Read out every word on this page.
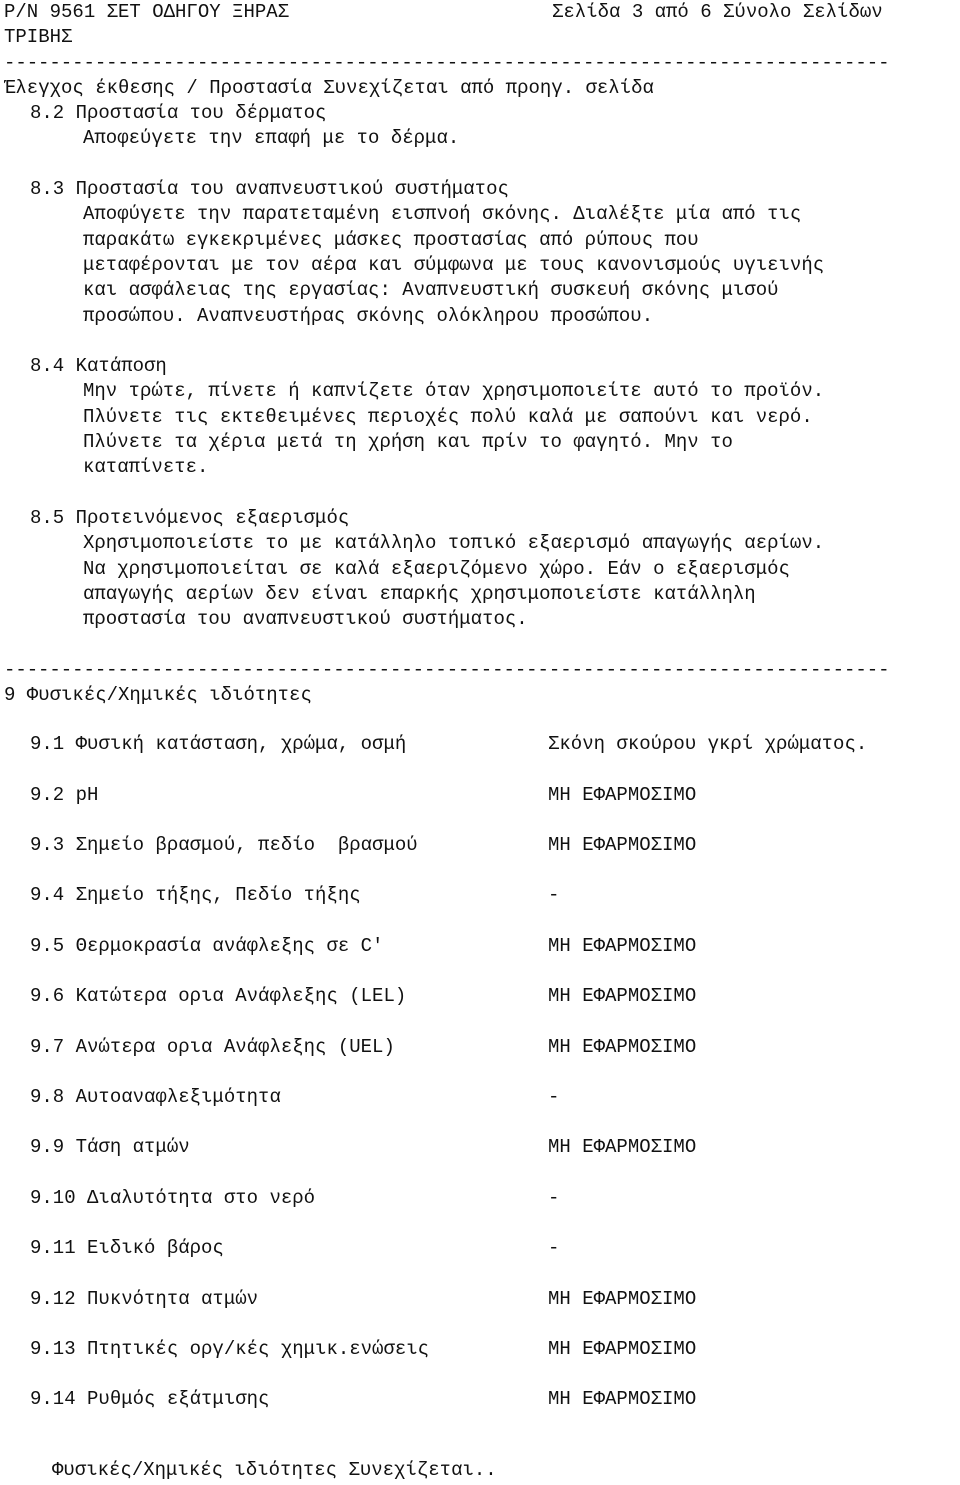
P/N 9561 ΣΕΤ ΟΔΗΓΟΥ ΞΗΡΑΣ
ΤΡΙΒΗΣ
Σελίδα 3 από 6 Σύνολο Σελίδων
------------------------------------------------------------------------------
Έλεγχος έκθεσης / Προστασία Συνεχίζεται από προηγ. σελίδα
8.2 Προστασία του δέρματος
Αποφεύγετε την επαφή με το δέρμα.
8.3 Προστασία του αναπνευστικού συστήματος
Αποφύγετε την παρατεταμένη εισπνοή σκόνης. Διαλέξτε μία από τις
παρακάτω εγκεκριμένες μάσκες προστασίας από ρύπους που
μεταφέρονται με τον αέρα και σύμφωνα με τους κανονισμούς υγιεινής
και ασφάλειας της εργασίας: Αναπνευστική συσκευή σκόνης μισού
προσώπου. Αναπνευστήρας σκόνης ολόκληρου προσώπου.
8.4 Κατάποση
Μην τρώτε, πίνετε ή καπνίζετε όταν χρησιμοποιείτε αυτό το προϊόν.
Πλύνετε τις εκτεθειμένες περιοχές πολύ καλά με σαπούνι και νερό.
Πλύνετε τα χέρια μετά τη χρήση και πρίν το φαγητό. Μην το
καταπίνετε.
8.5 Προτεινόμενος εξαερισμός
Χρησιμοποιείστε το με κατάλληλο τοπικό εξαερισμό απαγωγής αερίων.
Να χρησιμοποιείται σε καλά εξαεριζόμενο χώρο. Εάν ο εξαερισμός
απαγωγής αερίων δεν είναι επαρκής χρησιμοποιείστε κατάλληλη
προστασία του αναπνευστικού συστήματος.
------------------------------------------------------------------------------
9 Φυσικές/Χημικές ιδιότητες
9.1 Φυσική κατάσταση, χρώμα, οσμή	Σκόνη σκούρου γκρί χρώματος.
9.2 pH	ΜΗ ΕΦΑΡΜΟΣΙΜΟ
9.3 Σημείο βρασμού, πεδίο  βρασμού	ΜΗ ΕΦΑΡΜΟΣΙΜΟ
9.4 Σημείο τήξης, Πεδίο τήξης	-
9.5 Θερμοκρασία ανάφλεξης σε C'	ΜΗ ΕΦΑΡΜΟΣΙΜΟ
9.6 Κατώτερα ορια Ανάφλεξης (LEL)	ΜΗ ΕΦΑΡΜΟΣΙΜΟ
9.7 Ανώτερα ορια Ανάφλεξης (UEL)	ΜΗ ΕΦΑΡΜΟΣΙΜΟ
9.8 Αυτοαναφλεξιμότητα	-
9.9 Τάση ατμών	ΜΗ ΕΦΑΡΜΟΣΙΜΟ
9.10 Διαλυτότητα στο νερό	-
9.11 Ειδικό βάρος	-
9.12 Πυκνότητα ατμών	ΜΗ ΕΦΑΡΜΟΣΙΜΟ
9.13 Πτητικές οργ/κές χημικ.ενώσεις	ΜΗ ΕΦΑΡΜΟΣΙΜΟ
9.14 Ρυθμός εξάτμισης	ΜΗ ΕΦΑΡΜΟΣΙΜΟ
Φυσικές/Χημικές ιδιότητες Συνεχίζεται..
